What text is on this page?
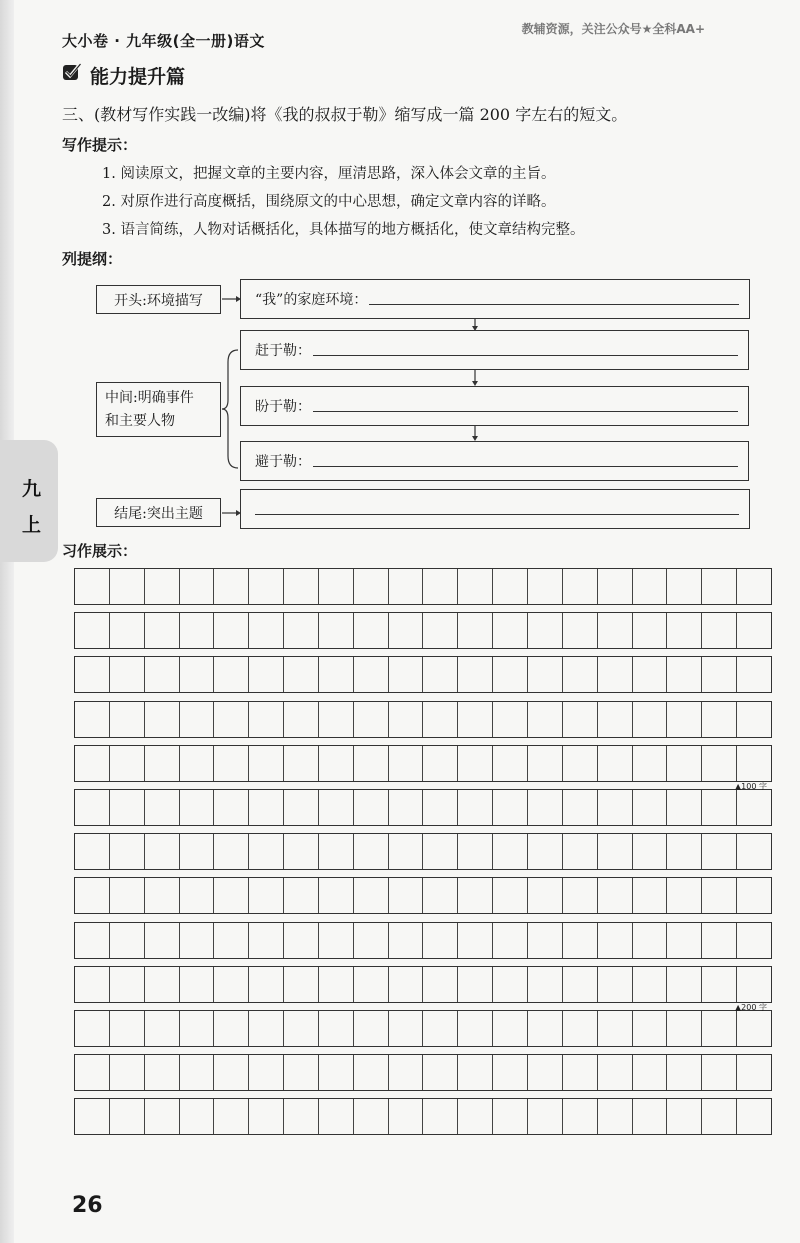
大小卷 · 九年级(全一册)语文
教辅资源，关注公众号★全科AA+
能力提升篇
三、(教材写作实践一改编)将《我的叔叔于勒》缩写成一篇 200 字左右的短文。
写作提示：
1. 阅读原文，把握文章的主要内容，厘清思路，深入体会文章的主旨。
2. 对原作进行高度概括，围绕原文的中心思想，确定文章内容的详略。
3. 语言简练，人物对话概括化，具体描写的地方概括化，使文章结构完整。
列提纲：
开头:环境描写	“我”的家庭环境：
中间:明确事件
和主要人物
赶于勒：
盼于勒：
避于勒：
结尾:突出主题
九
上
习作展示：
▲100 字
▲200 字
26
